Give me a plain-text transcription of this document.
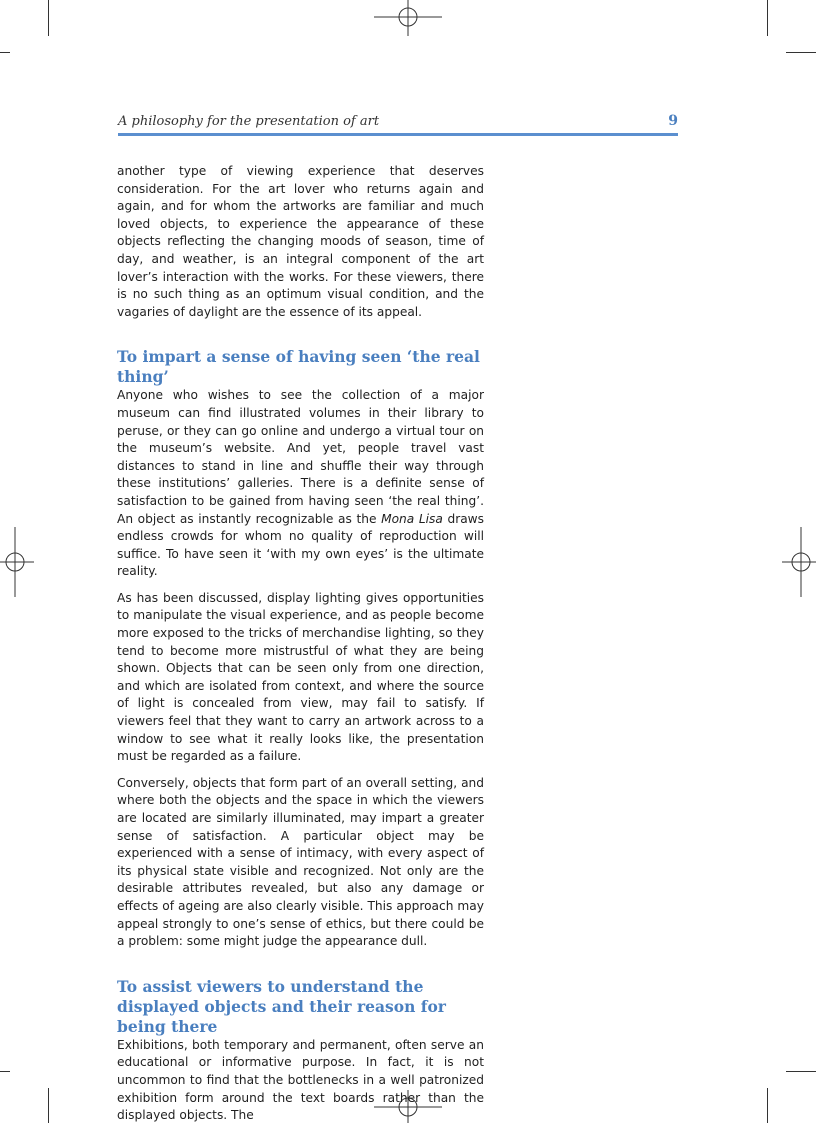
A philosophy for the presentation of art	9

another type of viewing experience that deserves consideration. For the art lover who returns again and again, and for whom the artworks are familiar and much loved objects, to experience the appearance of these objects reflecting the changing moods of season, time of day, and weather, is an integral component of the art lover’s interaction with the works. For these viewers, there is no such thing as an optimum visual condition, and the vagaries of daylight are the essence of its appeal.

To impart a sense of having seen ‘the real thing’

Anyone who wishes to see the collection of a major museum can find illustrated volumes in their library to peruse, or they can go online and undergo a virtual tour on the museum’s website. And yet, people travel vast distances to stand in line and shuffle their way through these institutions’ galleries. There is a definite sense of satisfaction to be gained from having seen ‘the real thing’. An object as instantly recognizable as the Mona Lisa draws endless crowds for whom no quality of reproduction will suffice. To have seen it ‘with my own eyes’ is the ultimate reality.

As has been discussed, display lighting gives opportunities to manipulate the visual experience, and as people become more exposed to the tricks of merchandise lighting, so they tend to become more mistrustful of what they are being shown. Objects that can be seen only from one direction, and which are isolated from context, and where the source of light is concealed from view, may fail to satisfy. If viewers feel that they want to carry an artwork across to a window to see what it really looks like, the presentation must be regarded as a failure.

Conversely, objects that form part of an overall setting, and where both the objects and the space in which the viewers are located are similarly illuminated, may impart a greater sense of satisfaction. A particular object may be experienced with a sense of intimacy, with every aspect of its physical state visible and recognized. Not only are the desirable attributes revealed, but also any damage or effects of ageing are also clearly visible. This approach may appeal strongly to one’s sense of ethics, but there could be a problem: some might judge the appearance dull.

To assist viewers to understand the displayed objects and their reason for being there

Exhibitions, both temporary and permanent, often serve an educational or informative purpose. In fact, it is not uncommon to find that the bottlenecks in a well patronized exhibition form around the text boards rather than the displayed objects. The
